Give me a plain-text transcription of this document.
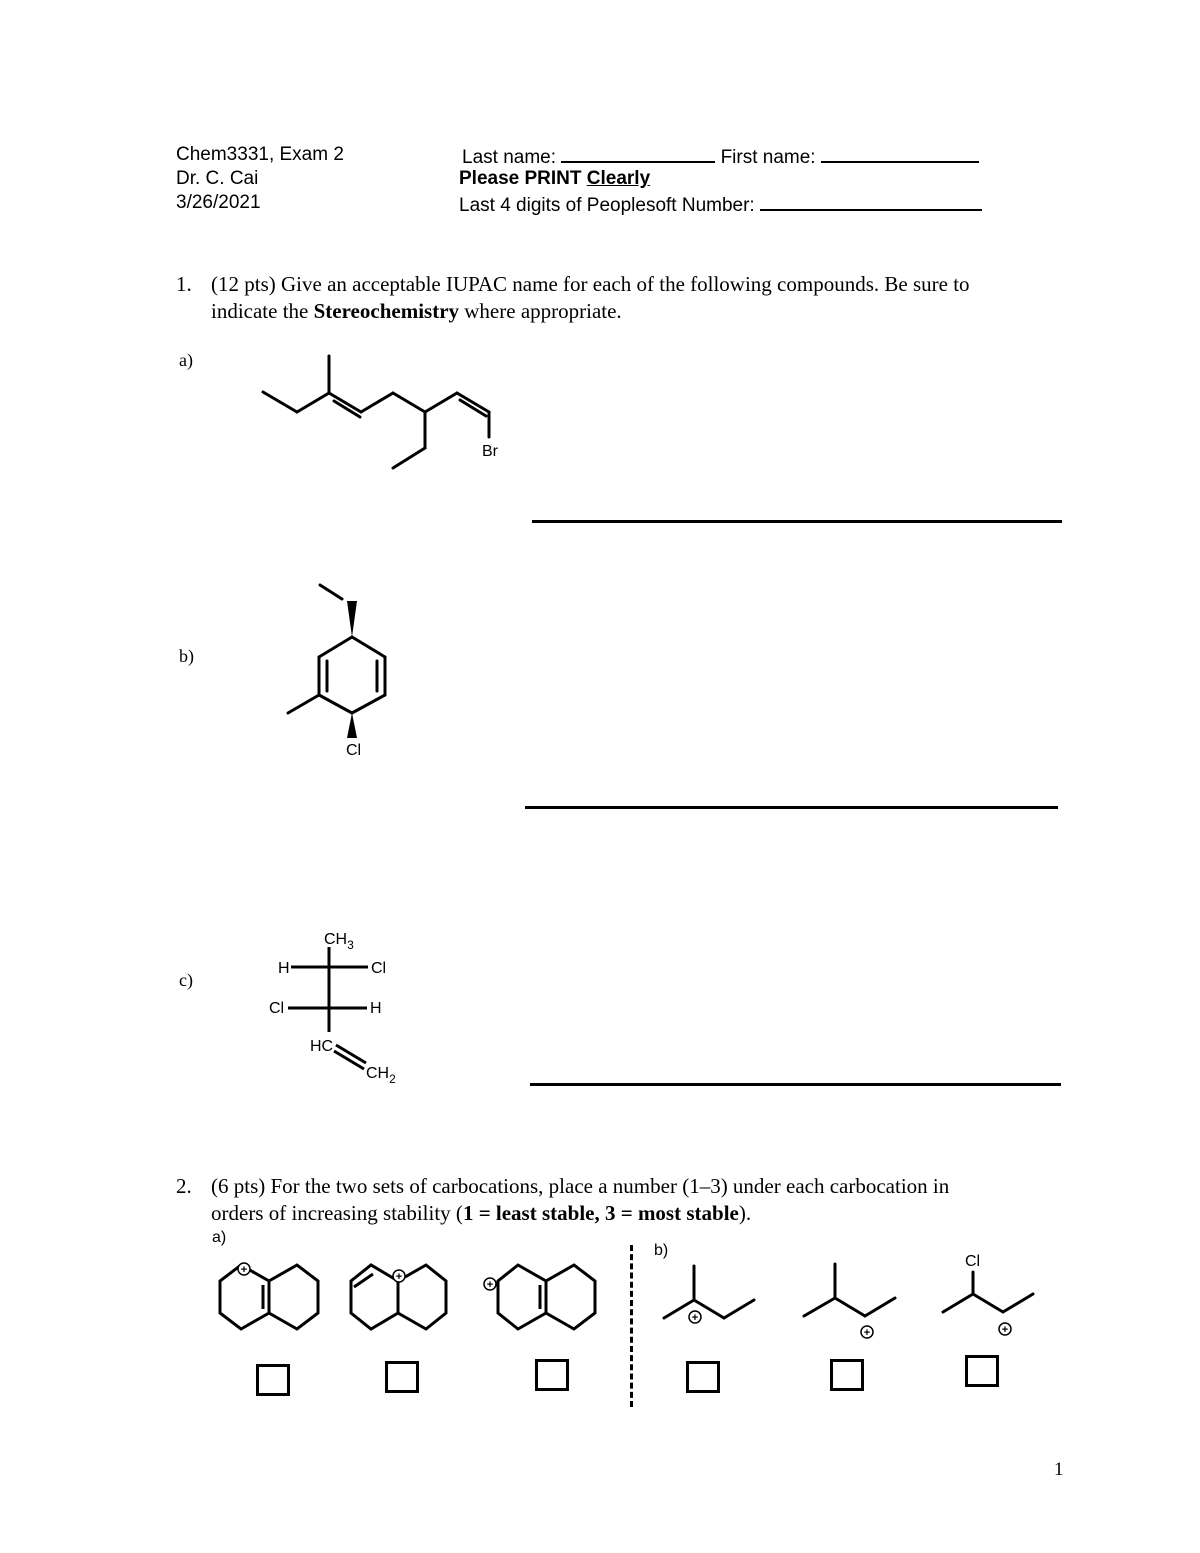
Chem3331, Exam 2
Dr. C. Cai
3/26/2021
Last name:	First name:
Please PRINT Clearly
Last 4 digits of Peoplesoft Number:
1. (12 pts) Give an acceptable IUPAC name for each of the following compounds. Be sure to
indicate the Stereochemistry where appropriate.
a)
b)
c)
Br
Cl
$CH_3$
H	Cl
Cl	H
HC
$CH_2$
2. (6 pts) For the two sets of carbocations, place a number (1–3) under each carbocation in
orders of increasing stability (1 = least stable, 3 = most stable).
a)
b)
+
+
+
Cl
+
+	+
1
